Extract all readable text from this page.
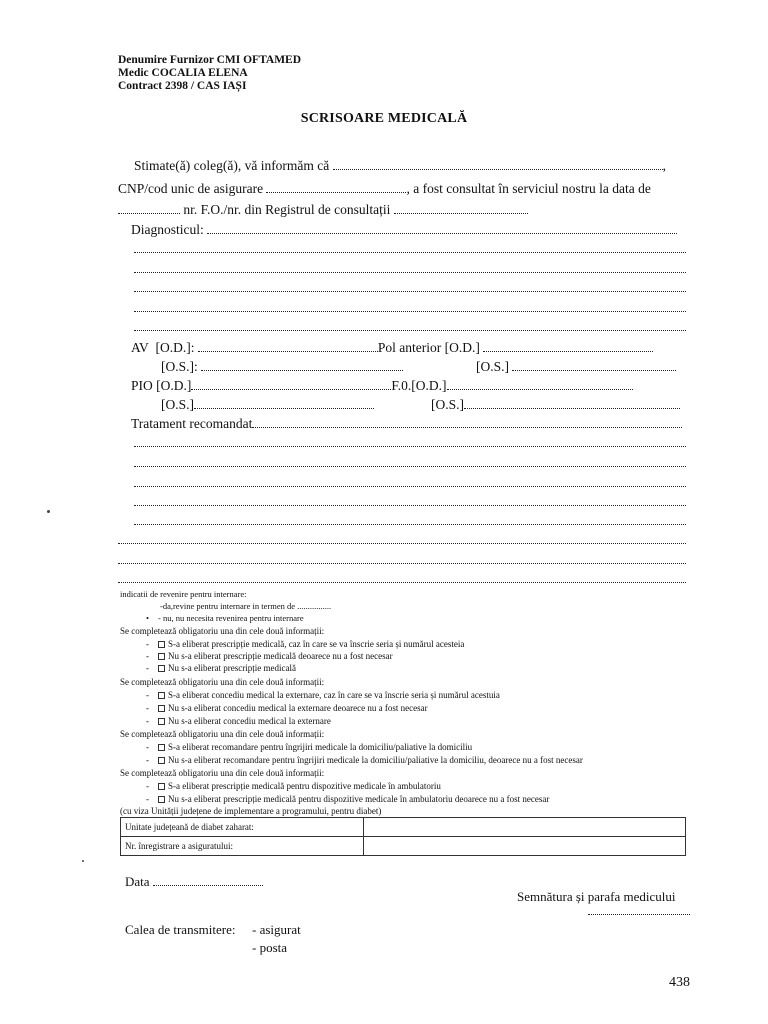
Denumire Furnizor CMI OFTAMED
Medic COCALIA ELENA
Contract 2398 / CAS IAȘI
SCRISOARE MEDICALĂ
Stimate(ă) coleg(ă), vă informăm că	,
CNP/cod unic de asigurare	, a fost consultat în serviciul nostru la data de
nr. F.O./nr. din Registrul de consultații
Diagnosticul:
AV [O.D.]:	Pol anterior [O.D.]
[O.S.]:	[O.S.]
PIO [O.D.]	F.0.[O.D.]
[O.S.]	[O.S.]
Tratament recomandat
indicatii de revenire pentru internare:
-da,revine pentru internare in termen de ................
• - nu, nu necesita revenirea pentru internare
Se completează obligatoriu una din cele două informații:
- S-a eliberat prescripție medicală, caz în care se va înscrie seria și numărul acesteia
- Nu s-a eliberat prescripție medicală deoarece nu a fost necesar
- Nu s-a eliberat prescripție medicală
Se completează obligatoriu una din cele două informații:
- S-a eliberat concediu medical la externare, caz în care se va înscrie seria și numărul acestuia
- Nu s-a eliberat concediu medical la externare deoarece nu a fost necesar
- Nu s-a eliberat concediu medical la externare
Se completează obligatoriu una din cele două informații:
- S-a eliberat recomandare pentru îngrijiri medicale la domiciliu/paliative la domiciliu
- Nu s-a eliberat recomandare pentru îngrijiri medicale la domiciliu/paliative la domiciliu, deoarece nu a fost necesar
Se completează obligatoriu una din cele două informații:
- S-a eliberat prescripție medicală pentru dispozitive medicale în ambulatoriu
- Nu s-a eliberat prescripție medicală pentru dispozitive medicale în ambulatoriu deoarece nu a fost necesar
(cu viza Unității județene de implementare a programului, pentru diabet)
Unitate județeană de diabet zaharat:	
Nr. înregistrare a asiguratului:	
Data
Semnătura și parafa medicului
Calea de transmitere: - asigurat
- posta
438
